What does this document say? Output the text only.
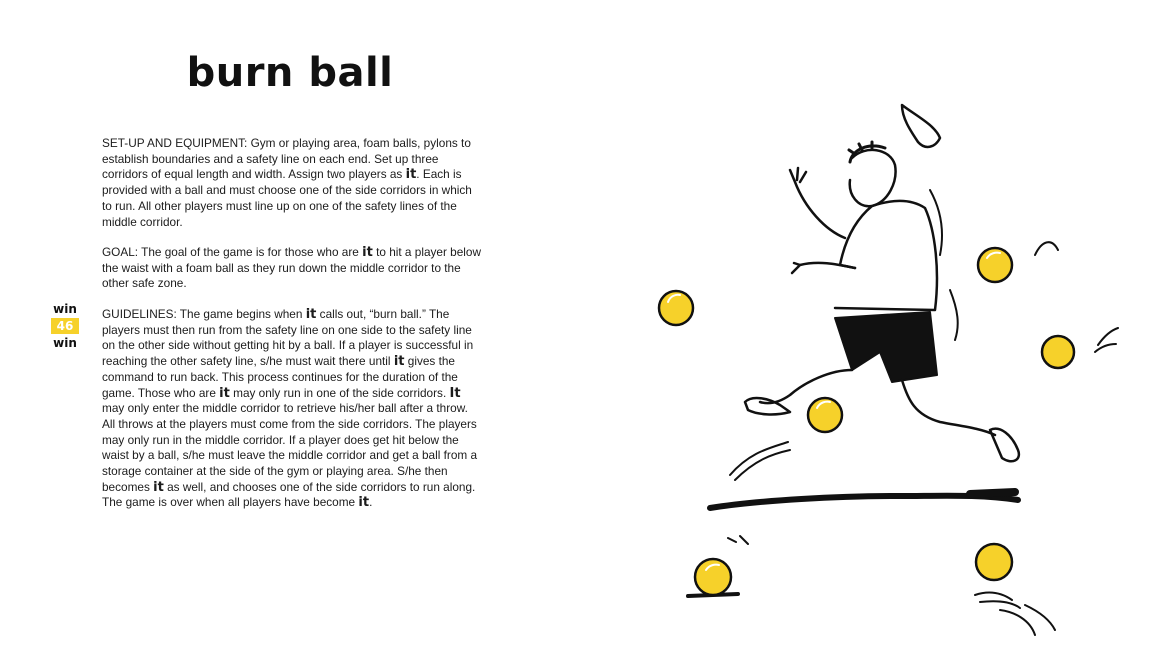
burn ball

SET-UP AND EQUIPMENT: Gym or playing area, foam balls, pylons to establish boundaries and a safety line on each end. Set up three corridors of equal length and width. Assign two players as it. Each is provided with a ball and must choose one of the side corridors in which to run. All other players must line up on one of the safety lines of the middle corridor.

GOAL: The goal of the game is for those who are it to hit a player below the waist with a foam ball as they run down the middle corridor to the other safe zone.

win
46
win

GUIDELINES: The game begins when it calls out, “burn ball.” The players must then run from the safety line on one side to the safety line on the other side without getting hit by a ball. If a player is successful in reaching the other safety line, s/he must wait there until it gives the command to run back. This process continues for the duration of the game. Those who are it may only run in one of the side corridors. It may only enter the middle corridor to retrieve his/her ball after a throw. All throws at the players must come from the side corridors. The players may only run in the middle corridor. If a player does get hit below the waist by a ball, s/he must leave the middle corridor and get a ball from a storage container at the side of the gym or playing area. S/he then becomes it as well, and chooses one of the side corridors to run along. The game is over when all players have become it.
